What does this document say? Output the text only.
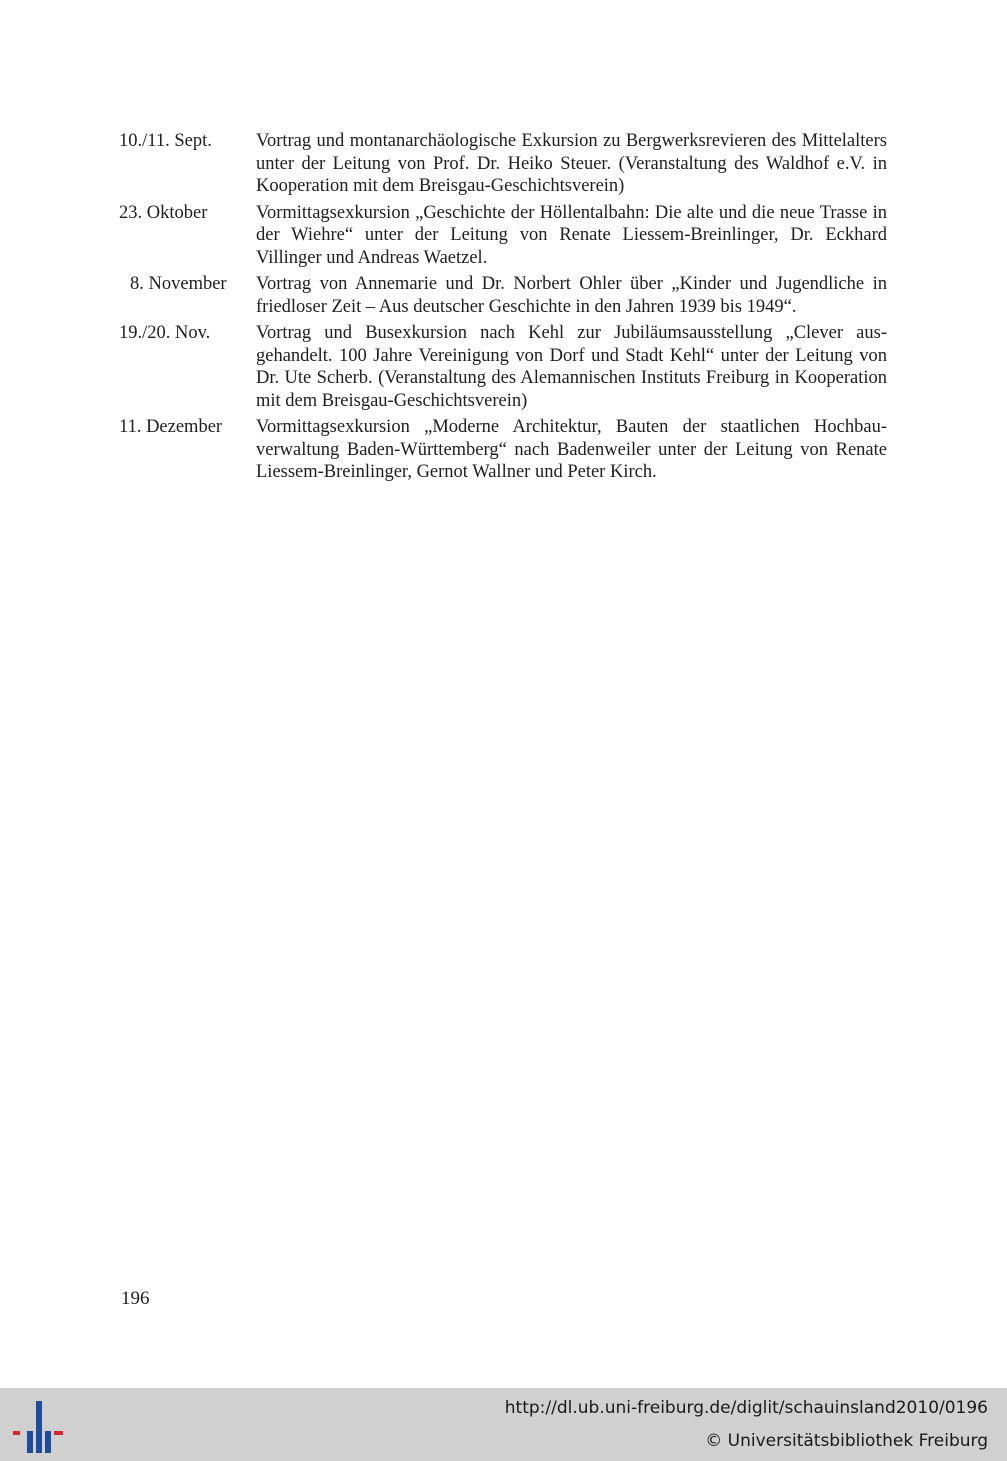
10./11. Sept.	Vortrag und montanarchäologische Exkursion zu Bergwerksrevieren des Mittelalters unter der Leitung von Prof. Dr. Heiko Steuer. (Veranstaltung des Waldhof e.V. in Kooperation mit dem Breisgau-Geschichtsverein)
23. Oktober	Vormittagsexkursion „Geschichte der Höllentalbahn: Die alte und die neue Trasse in der Wiehre“ unter der Leitung von Renate Liessem-Breinlinger, Dr. Eckhard Villinger und Andreas Waetzel.
8. November	Vortrag von Annemarie und Dr. Norbert Ohler über „Kinder und Jugendliche in friedloser Zeit – Aus deutscher Geschichte in den Jahren 1939 bis 1949“.
19./20. Nov.	Vortrag und Busexkursion nach Kehl zur Jubiläumsausstellung „Clever ausgehandelt. 100 Jahre Vereinigung von Dorf und Stadt Kehl“ unter der Leitung von Dr. Ute Scherb. (Veranstaltung des Alemannischen Instituts Freiburg in Kooperation mit dem Breisgau-Geschichtsverein)
11. Dezember	Vormittagsexkursion „Moderne Architektur, Bauten der staatlichen Hochbauverwaltung Baden-Württemberg“ nach Badenweiler unter der Leitung von Renate Liessem-Breinlinger, Gernot Wallner und Peter Kirch.
196
http://dl.ub.uni-freiburg.de/diglit/schauinsland2010/0196
© Universitätsbibliothek Freiburg
